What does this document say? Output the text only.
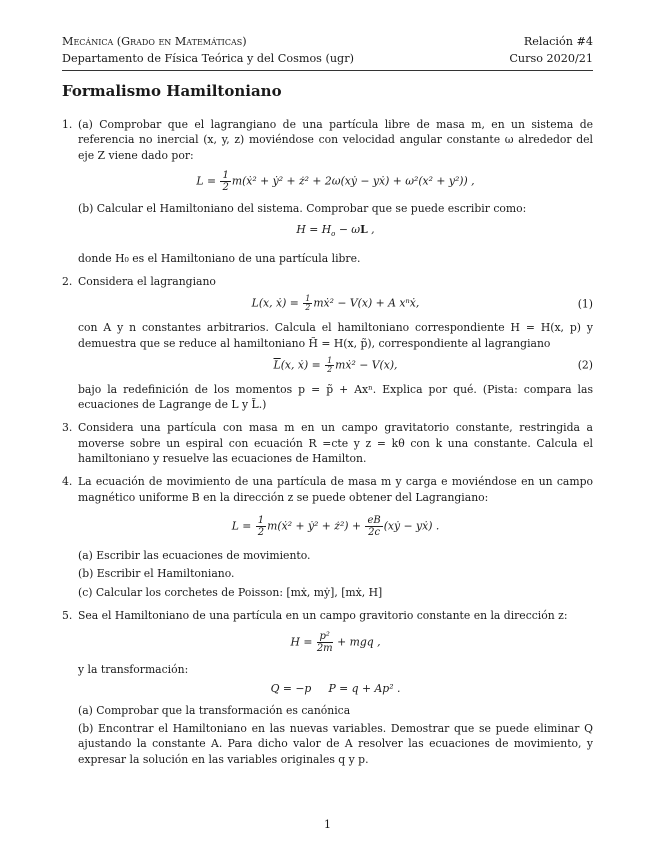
Mecánica (Grado en Matemáticas)	Relación #4
Departamento de Física Teórica y del Cosmos (ugr)	Curso 2020/21
Formalismo Hamiltoniano
1. (a) Comprobar que el lagrangiano de una partícula libre de masa m, en un sistema de referencia no inercial (x, y, z) moviéndose con velocidad angular constante ω alrededor del eje Z viene dado por:

$L = \frac{1}{2}$ m(ẋ² + ẏ² + ż² + 2ω(xẏ − yẋ) + ω²(x² + y²)) ,

(b) Calcular el Hamiltoniano del sistema. Comprobar que se puede escribir como:

$H = H_o - \omega L$ ,

donde H₀ es el Hamiltoniano de una partícula libre.

2. Considera el lagrangiano

L(x, ẋ) = $\frac{1}{2}$ mẋ² − V(x) + A xⁿẋ,	(1)

con A y n constantes arbitrarios. Calcula el hamiltoniano correspondiente H = H(x, p) y demuestra que se reduce al hamiltoniano H̃ = H(x, p̃), correspondiente al lagrangiano

$\overline{L}(x$, ẋ) = $\frac{1}{2}$ mẋ² − V(x),	(2)

bajo la redefinición de los momentos p = p̃ + Axⁿ. Explica por qué. (Pista: compara las ecuaciones de Lagrange de L y L̃.)

3. Considera una partícula con masa m en un campo gravitatorio constante, restringida a moverse sobre un espiral con ecuación R =cte y z = kθ con k una constante. Calcula el hamiltoniano y resuelve las ecuaciones de Hamilton.

4. La ecuación de movimiento de una partícula de masa m y carga e moviéndose en un campo magnético uniforme B en la dirección z se puede obtener del Lagrangiano:

$L = \frac{1}{2}$ m(ẋ² + ẏ² + ż²) + $\frac{eB}{2c}$ (xẏ − yẋ) .

(a) Escribir las ecuaciones de movimiento.

(b) Escribir el Hamiltoniano.

(c) Calcular los corchetes de Poisson: [mẋ, mẏ], [mẋ, H]

5. Sea el Hamiltoniano de una partícula en un campo gravitorio constante en la dirección z:

$H = \frac{\text{p²}}{2m}$ + mgq ,

y la transformación:

Q = −p     P = q + Ap² .

(a) Comprobar que la transformación es canónica

(b) Encontrar el Hamiltoniano en las nuevas variables. Demostrar que se puede eliminar Q ajustando la constante A. Para dicho valor de A resolver las ecuaciones de movimiento, y expresar la solución en las variables originales q y p.

1
